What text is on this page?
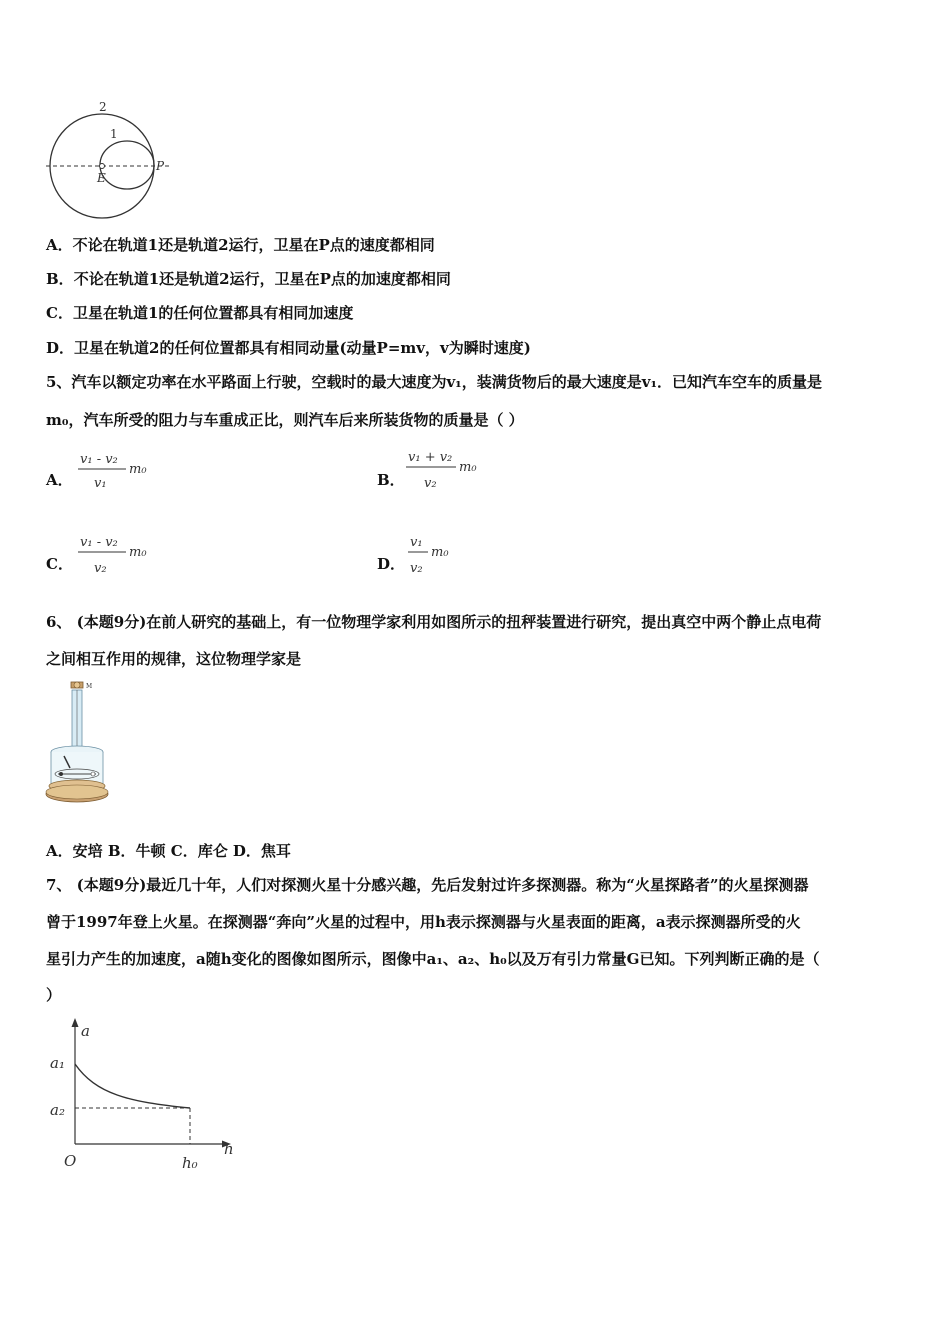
2
1
E
P
A．不论在轨道1还是轨道2运行，卫星在P点的速度都相同
B．不论在轨道1还是轨道2运行，卫星在P点的加速度都相同
C．卫星在轨道1的任何位置都具有相同加速度
D．卫星在轨道2的任何位置都具有相同动量(动量P=mv，v为瞬时速度)
5、汽车以额定功率在水平路面上行驶，空载时的最大速度为v₁，装满货物后的最大速度是v₁．已知汽车空车的质量是
m₀，汽车所受的阻力与车重成正比，则汽车后来所装货物的质量是（ ）
A．
v₁ - v₂
v₁
m₀
B．
v₁ + v₂
v₂
m₀
C．
v₁ - v₂
v₂
m₀
D．
v₁
v₂
m₀
6、 (本题9分)在前人研究的基础上，有一位物理学家利用如图所示的扭秤装置进行研究，提出真空中两个静止点电荷
之间相互作用的规律，这位物理学家是
M
A．安培 B．牛顿 C．库仑 D．焦耳
7、 (本题9分)最近几十年，人们对探测火星十分感兴趣，先后发射过许多探测器。称为“火星探路者”的火星探测器
曾于1997年登上火星。在探测器“奔向”火星的过程中，用h表示探测器与火星表面的距离，a表示探测器所受的火
星引力产生的加速度，a随h变化的图像如图所示，图像中a₁、a₂、h₀以及万有引力常量G已知。下列判断正确的是（
）
a
h
a₁
a₂
O	h₀
